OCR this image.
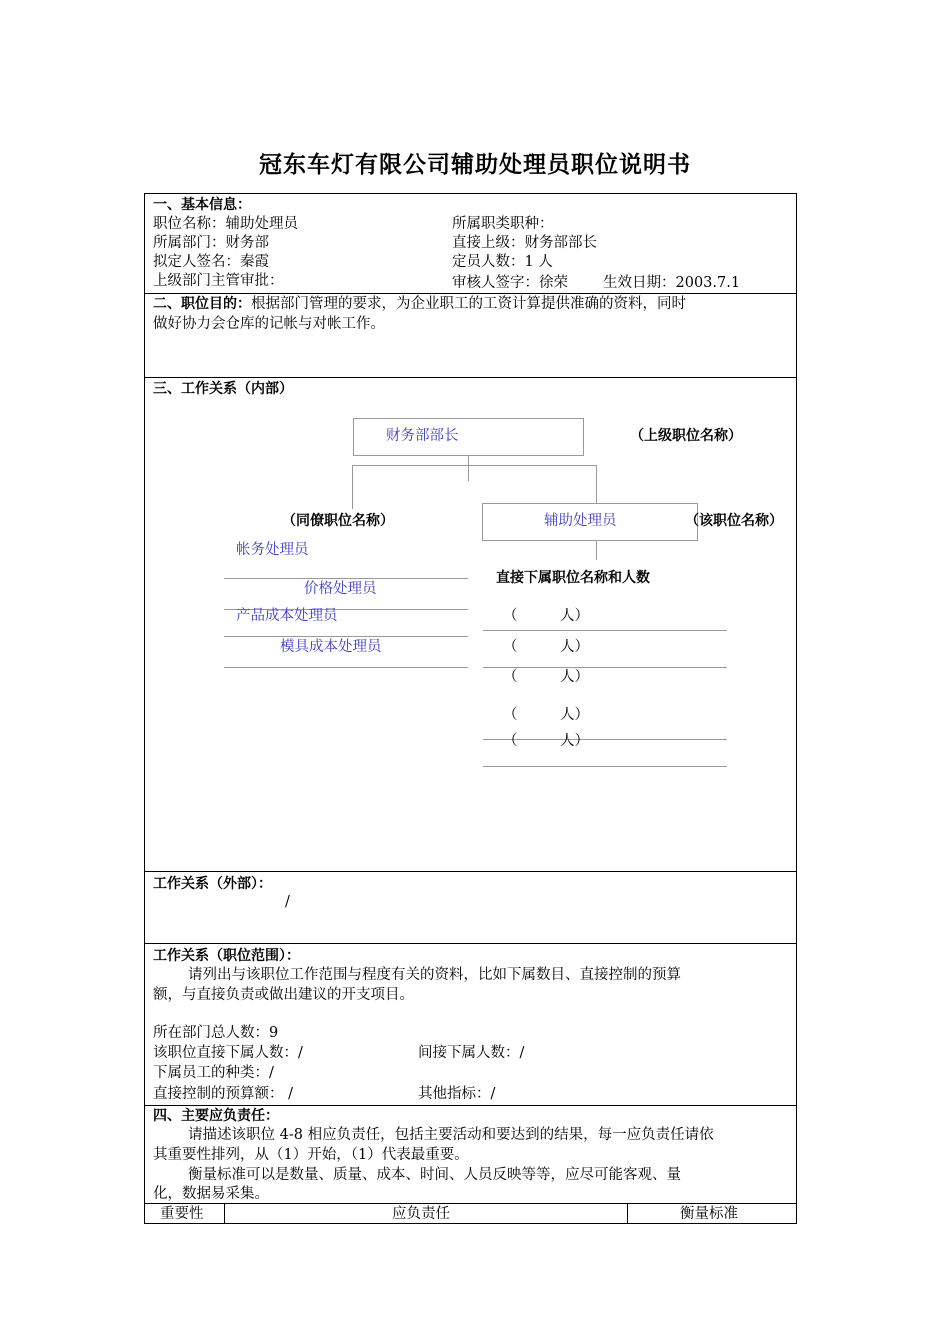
冠东车灯有限公司辅助处理员职位说明书
一、基本信息：
职位名称：辅助处理员	所属职类职种：
所属部门：财务部	直接上级：财务部部长
拟定人签名：秦霞	定员人数：1 人
上级部门主管审批：	审核人签字：徐荣 生效日期：2003.7.1
二、职位目的：根据部门管理的要求，为企业职工的工资计算提供准确的资料，同时
做好协力会仓库的记帐与对帐工作。
三、工作关系（内部）
财务部部长	（上级职位名称）
辅助处理员	（该职位名称）
（同僚职位名称）
帐务处理员
价格处理员
产品成本处理员
模具成本处理员
直接下属职位名称和人数
（	人）
（	人）
（	人）
（	人）
（	人）
工作关系（外部）：
/
工作关系（职位范围）：
请列出与该职位工作范围与程度有关的资料，比如下属数目、直接控制的预算
额，与直接负责或做出建议的开支项目。
所在部门总人数：9
该职位直接下属人数：/	间接下属人数：/
下属员工的种类：/
直接控制的预算额： /	其他指标：/
四、主要应负责任：
请描述该职位 4-8 相应负责任，包括主要活动和要达到的结果，每一应负责任请依
其重要性排列，从（1）开始，（1）代表最重要。
衡量标准可以是数量、质量、成本、时间、人员反映等等，应尽可能客观、量
化，数据易采集。
重要性	应负责任	衡量标准
